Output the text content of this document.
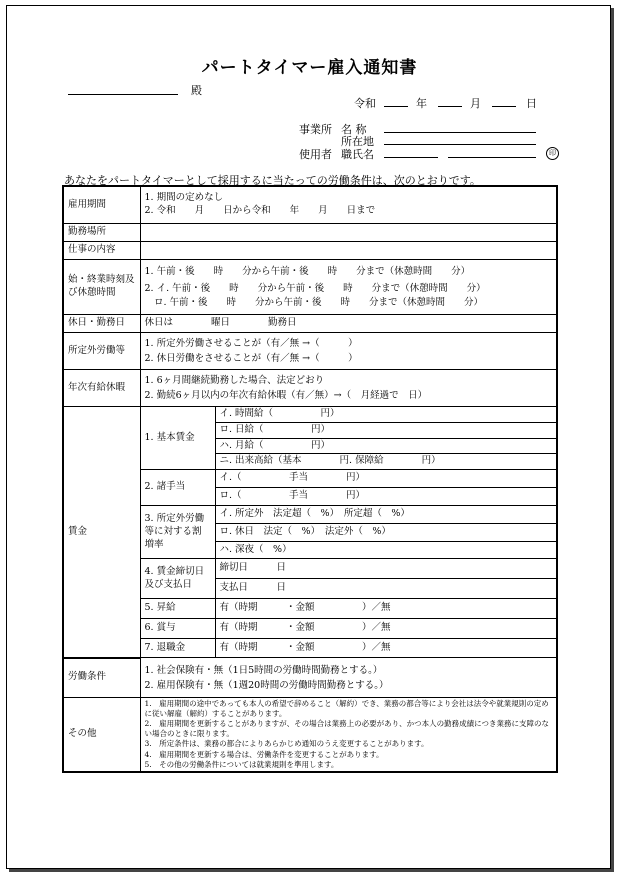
パートタイマー雇入通知書
殿
令和	年	月	日
事業所 名 称
所在地
使用者 職氏名	印
あなたをパートタイマーとして採用するに当たっての労働条件は、次のとおりです。
雇用期間	1. 期間の定めなし
2. 令和　　月　　日から令和　　年　　月　　日まで	

勤務場所		
仕事の内容		
始・終業時刻及び休憩時間	1. 午前・後　　時　　分から午前・後　　時　　分まで（休憩時間　　分）
2. イ. 午前・後　　時　　分から午前・後　　時　　分まで（休憩時間　　分）
　ロ. 午前・後　　時　　分から午前・後　　時　　分まで（休憩時間　　分）	

休日・勤務日	休日は　　　　曜日　　　　勤務日	
所定外労働等	1. 所定外労働させることが（有／無 →（　　　）
2. 休日労働をさせることが（有／無 →（　　　）	

年次有給休暇	1. 6ヶ月間継続勤務した場合、法定どおり
2. 勤続6ヶ月以内の年次有給休暇（有／無）→（　月経過で　日）	

賃金	1. 基本賃金	イ. 時間給（　　　　　円）
ロ. 日給（　　　　　円）
ハ. 月給（　　　　　円）
ニ. 出来高給（基本　　　　円. 保障給　　　　円）

	2. 諸手当	イ.（　　　　　手当　　　　円）
ロ.（　　　　　手当　　　　円）

	3. 所定外労働等に対する割増率	イ. 所定外　法定超（　%）　所定超（　%）
ロ. 休日　法定（　%）　法定外（　%）
ハ. 深夜（　%）

	4. 賃金締切日及び支払日	締切日　　　日
支払日　　　日

	5. 昇給	有（時期　　　・金額　　　　　）／無
	6. 賞与	有（時期　　　・金額　　　　　）／無
	7. 退職金	有（時期　　　・金額　　　　　）／無
労働条件	1. 社会保険有・無（1日5時間の労働時間勤務とする。）
2. 雇用保険有・無（1週20時間の労働時間勤務とする。）	

その他	1.　雇用期間の途中であっても本人の希望で辞めること（解約）でき、業務の都合等により会社は法令や就業規則の定めに従い解雇（解約）することがあります。
2.　雇用期間を更新することがありますが、その場合は業務上の必要があり、かつ本人の勤務成績につき業務に支障のない場合のときに限ります。
3.　所定条件は、業務の都合によりあらかじめ通知のうえ変更することがあります。
4.　雇用期間を更新する場合は、労働条件を変更することがあります。
5.　その他の労働条件については就業規則を準用します。	
